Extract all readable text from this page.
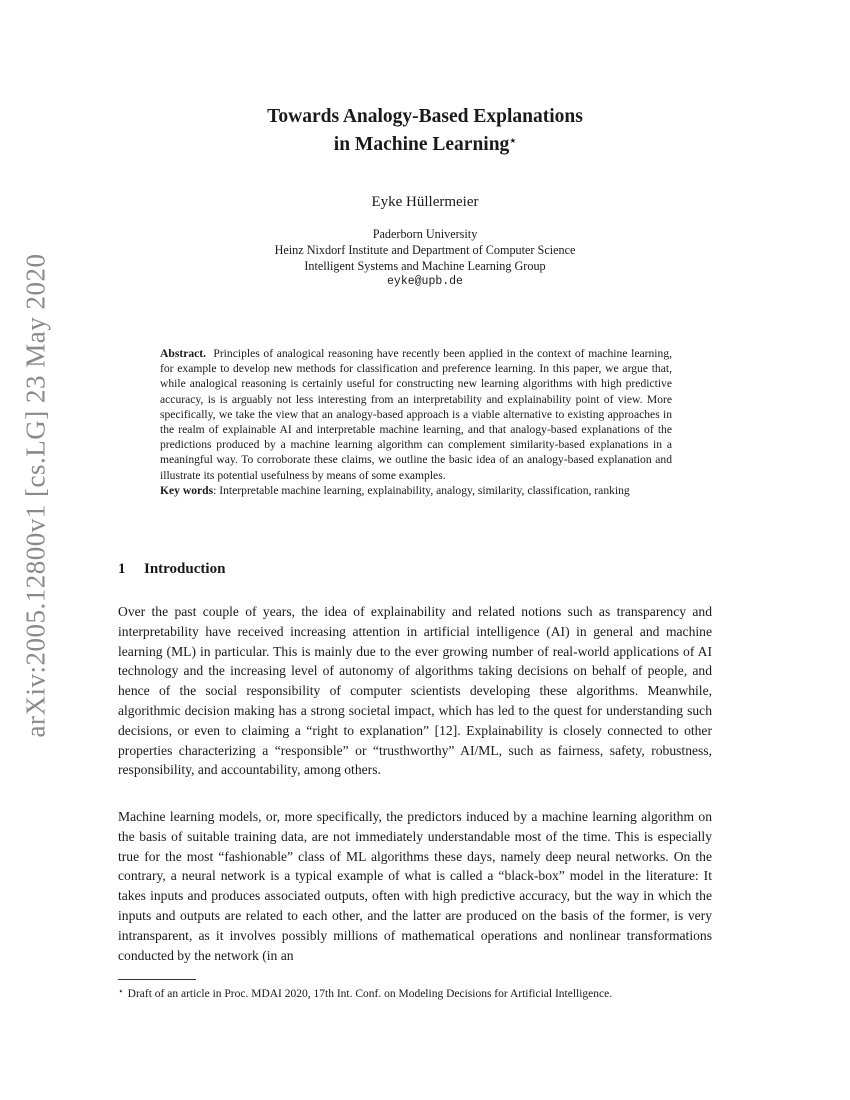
arXiv:2005.12800v1 [cs.LG] 23 May 2020
Towards Analogy-Based Explanations
in Machine Learning⋆
Eyke Hüllermeier
Paderborn University
Heinz Nixdorf Institute and Department of Computer Science
Intelligent Systems and Machine Learning Group
eyke@upb.de

Abstract. Principles of analogical reasoning have recently been applied in the context of machine learning, for example to develop new methods for classification and preference learning. In this paper, we argue that, while analogical reasoning is certainly useful for constructing new learning algorithms with high predictive accuracy, is is arguably not less interesting from an interpretability and explainability point of view. More specifically, we take the view that an analogy-based approach is a viable alternative to existing approaches in the realm of explainable AI and interpretable machine learning, and that analogy-based explanations of the predictions produced by a machine learning algorithm can complement similarity-based explanations in a meaningful way. To corroborate these claims, we outline the basic idea of an analogy-based explanation and illustrate its potential usefulness by means of some examples.

Key words: Interpretable machine learning, explainability, analogy, similarity, classification, ranking

1 Introduction

Over the past couple of years, the idea of explainability and related notions such as transparency and interpretability have received increasing attention in artificial intelligence (AI) in general and machine learning (ML) in particular. This is mainly due to the ever growing number of real-world applications of AI technology and the increasing level of autonomy of algorithms taking decisions on behalf of people, and hence of the social responsibility of computer scientists developing these algorithms. Meanwhile, algorithmic decision making has a strong societal impact, which has led to the quest for understanding such decisions, or even to claiming a “right to explanation” [12]. Explainability is closely connected to other properties characterizing a “responsible” or “trusthworthy” AI/ML, such as fairness, safety, robustness, responsibility, and accountability, among others.

Machine learning models, or, more specifically, the predictors induced by a machine learning algorithm on the basis of suitable training data, are not immediately understandable most of the time. This is especially true for the most “fashionable” class of ML algorithms these days, namely deep neural networks. On the contrary, a neural network is a typical example of what is called a “black-box” model in the literature: It takes inputs and produces associated outputs, often with high predictive accuracy, but the way in which the inputs and outputs are related to each other, and the latter are produced on the basis of the former, is very intransparent, as it involves possibly millions of mathematical operations and nonlinear transformations conducted by the network (in an

⋆ Draft of an article in Proc. MDAI 2020, 17th Int. Conf. on Modeling Decisions for Artificial Intelligence.
